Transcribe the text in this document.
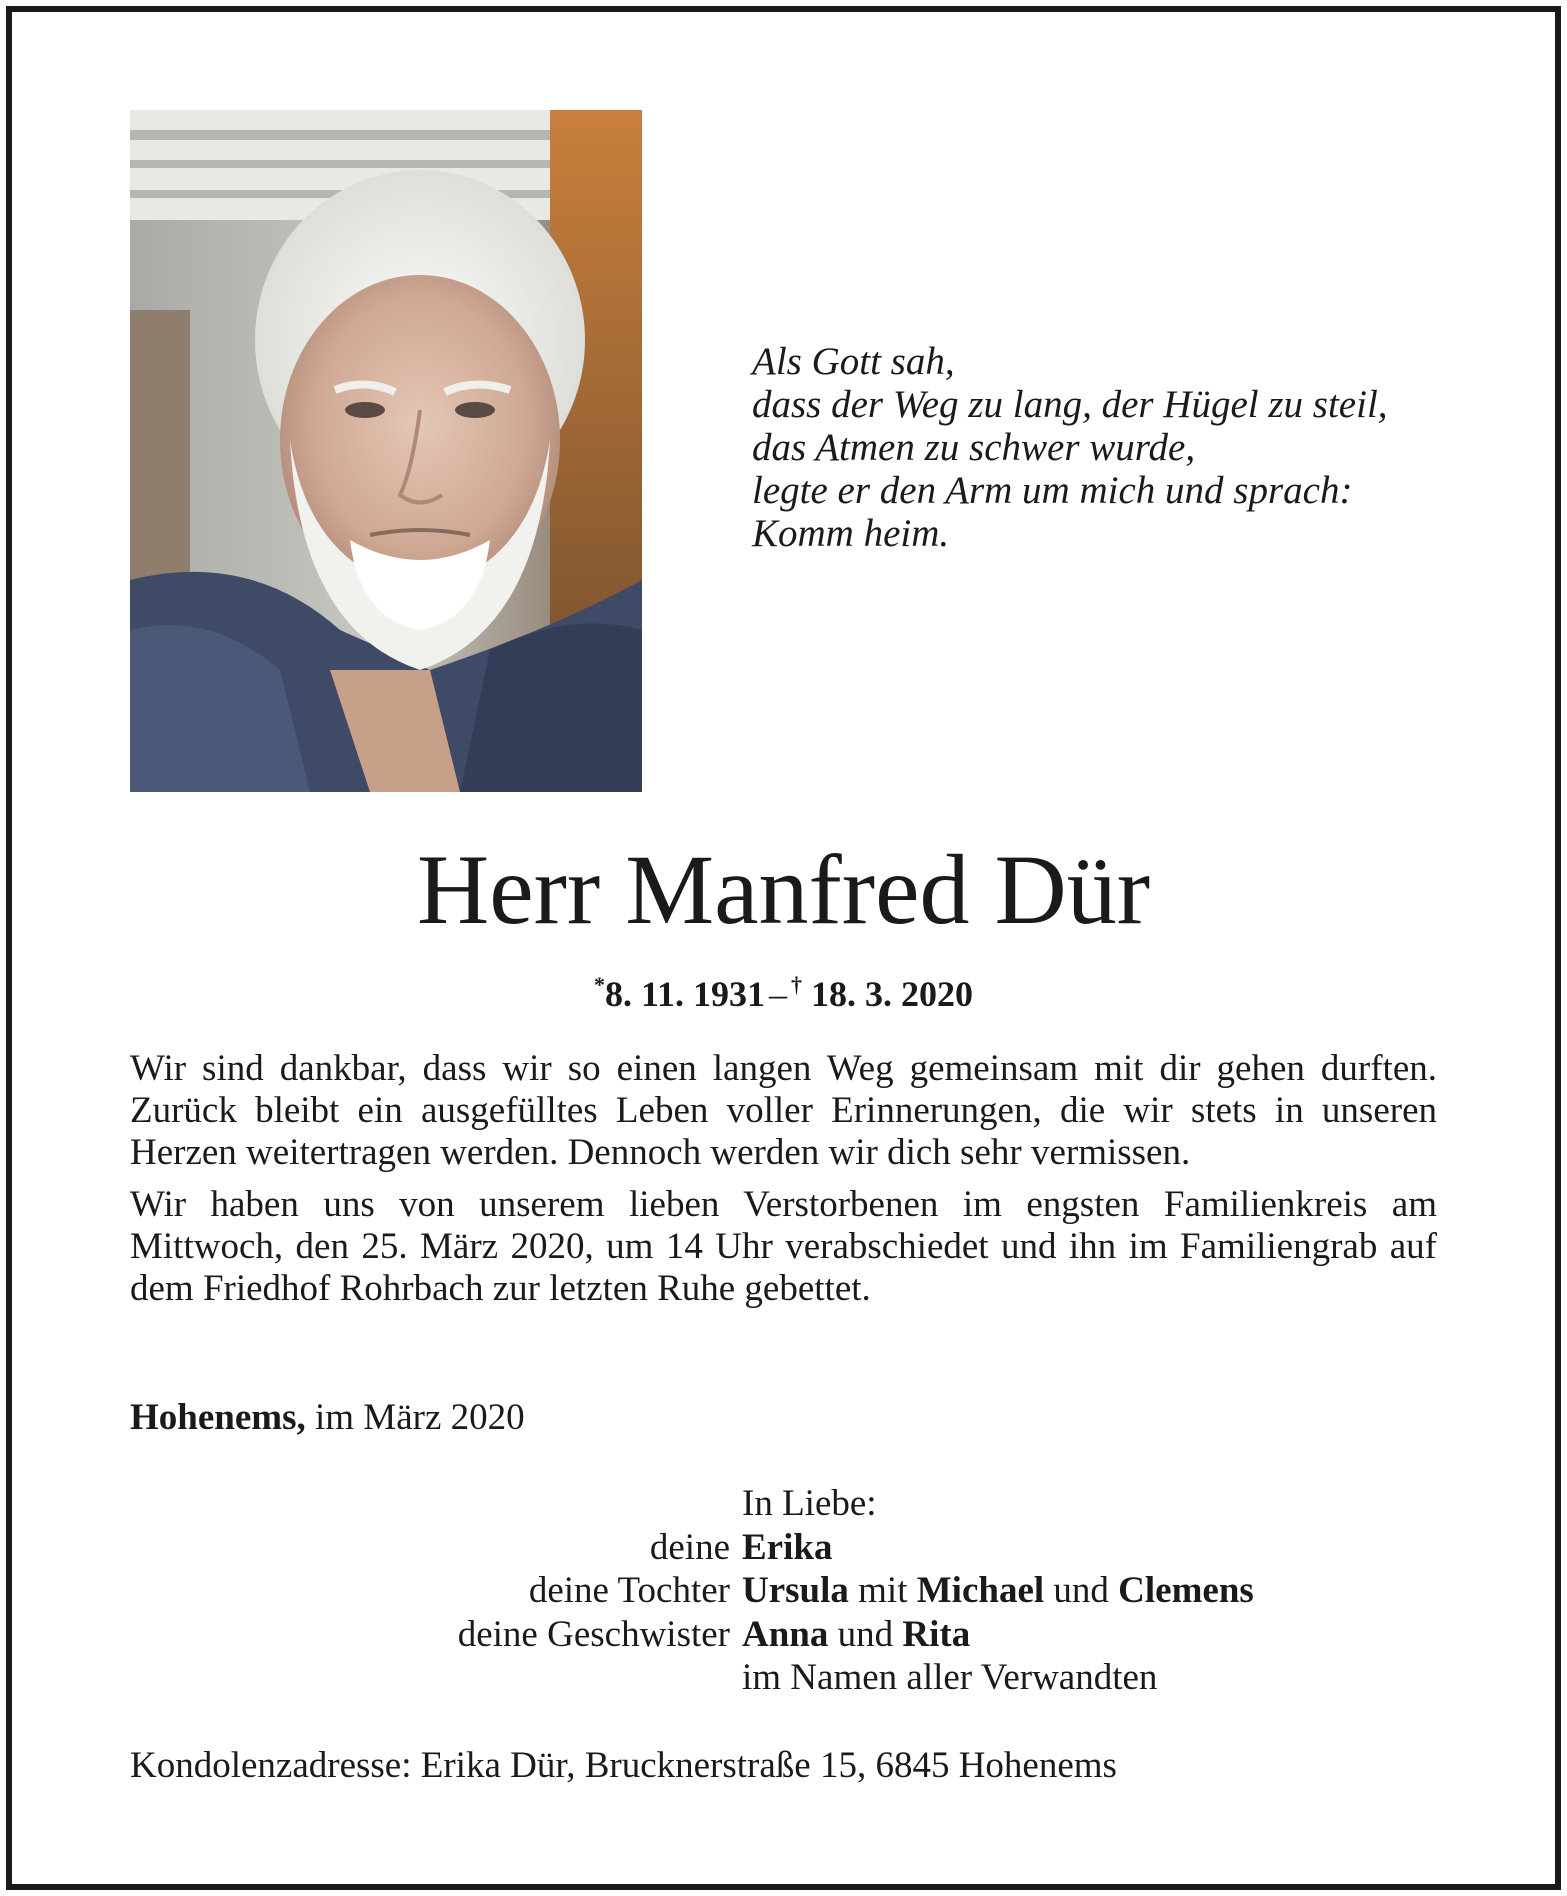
Als Gott sah,
dass der Weg zu lang, der Hügel zu steil,
das Atmen zu schwer wurde,
legte er den Arm um mich und sprach:
Komm heim.
Herr Manfred Dür
*8. 11. 1931 – † 18. 3. 2020

Wir sind dankbar, dass wir so einen langen Weg gemeinsam mit dir gehen durften. Zurück bleibt ein ausgefülltes Leben voller Erinnerungen, die wir stets in unseren Herzen weitertragen werden. Dennoch werden wir dich sehr vermissen.

Wir haben uns von unserem lieben Verstorbenen im engsten Familienkreis am Mittwoch, den 25. März 2020, um 14 Uhr verabschiedet und ihn im Familiengrab auf dem Friedhof Rohrbach zur letzten Ruhe gebettet.

Hohenems, im März 2020
In Liebe:
deine Erika
deine Tochter Ursula mit Michael und Clemens
deine Geschwister Anna und Rita
im Namen aller Verwandten
Kondolenzadresse: Erika Dür, Brucknerstraße 15, 6845 Hohenems
